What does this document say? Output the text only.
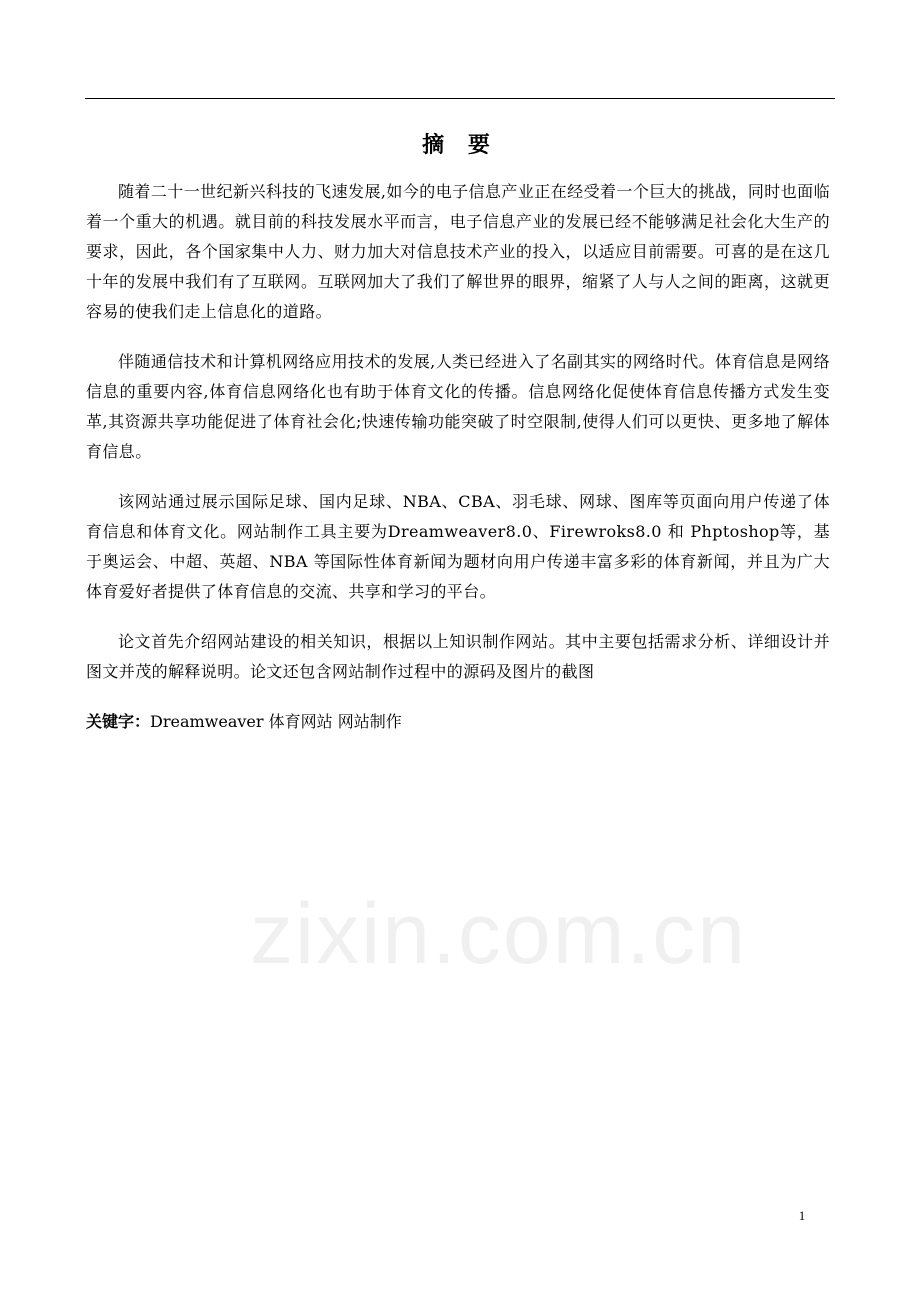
摘 要

随着二十一世纪新兴科技的飞速发展,如今的电子信息产业正在经受着一个巨大的挑战，同时也面临着一个重大的机遇。就目前的科技发展水平而言，电子信息产业的发展已经不能够满足社会化大生产的要求，因此，各个国家集中人力、财力加大对信息技术产业的投入，以适应目前需要。可喜的是在这几十年的发展中我们有了互联网。互联网加大了我们了解世界的眼界，缩紧了人与人之间的距离，这就更容易的使我们走上信息化的道路。

伴随通信技术和计算机网络应用技术的发展,人类已经进入了名副其实的网络时代。体育信息是网络信息的重要内容,体育信息网络化也有助于体育文化的传播。信息网络化促使体育信息传播方式发生变革,其资源共享功能促进了体育社会化;快速传输功能突破了时空限制,使得人们可以更快、更多地了解体育信息。

该网站通过展示国际足球、国内足球、NBA、CBA、羽毛球、网球、图库等页面向用户传递了体育信息和体育文化。网站制作工具主要为Dreamweaver8.0、Firewroks8.0 和 Phptoshop等，基于奥运会、中超、英超、NBA 等国际性体育新闻为题材向用户传递丰富多彩的体育新闻，并且为广大体育爱好者提供了体育信息的交流、共享和学习的平台。

论文首先介绍网站建设的相关知识，根据以上知识制作网站。其中主要包括需求分析、详细设计并图文并茂的解释说明。论文还包含网站制作过程中的源码及图片的截图

关键字：Dreamweaver 体育网站 网站制作

zixin.com.cn
1
